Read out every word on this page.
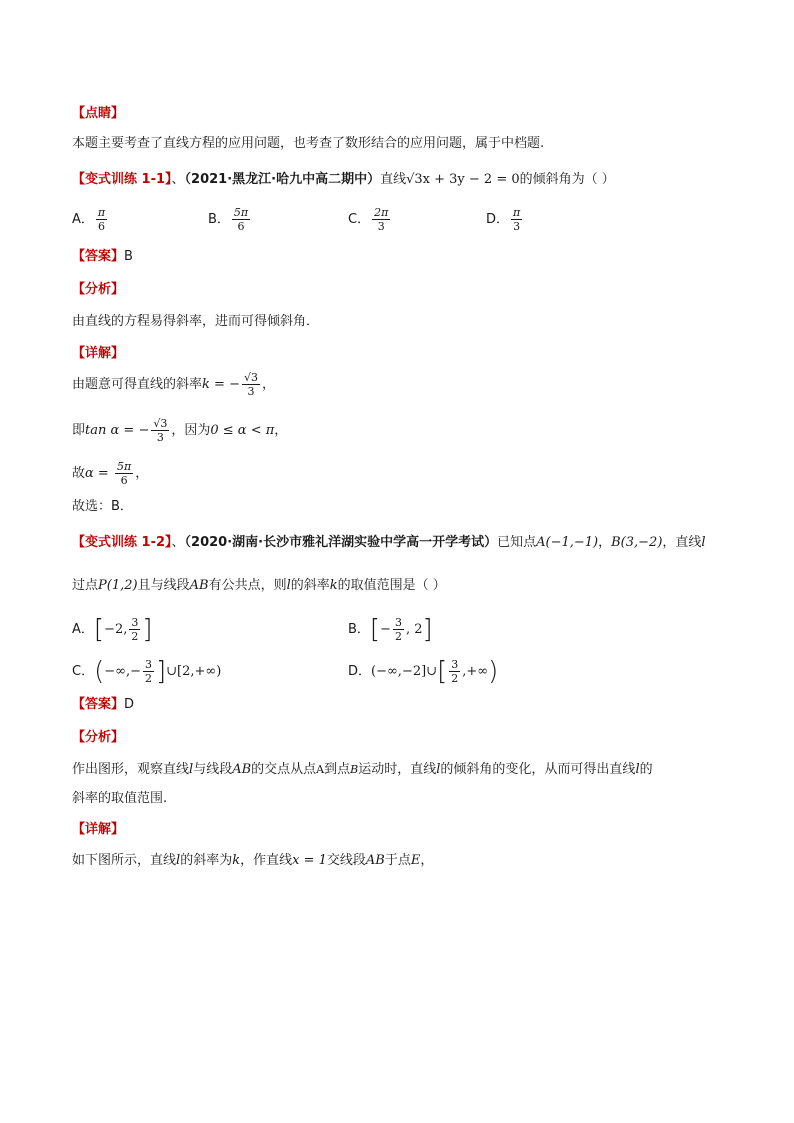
【点睛】
本题主要考查了直线方程的应用问题，也考查了数形结合的应用问题，属于中档题.
【变式训练 1-1】、（2021·黑龙江·哈九中高二期中）直线√3x + 3y − 2 = 0的倾斜角为（ ）
A． $\frac{\pi}{6}$	B． $\frac{5\pi}{6}$	C． $\frac{2\pi}{3}$	D． $\frac{\pi}{3}$
【答案】B
【分析】
由直线的方程易得斜率，进而可得倾斜角．
【详解】
由题意可得直线的斜率k = − $\frac{√3}{3}$ ，
即tan α = − $\frac{√3}{3}$ ，因为0 ≤ α < π，
故$\alpha = \frac{5\pi}{6}$ ，
故选：B．
【变式训练 1-2】、（2020·湖南·长沙市雅礼洋湖实验中学高一开学考试）已知点A(−1,−1)，B(3,−2)，直线l
过点P(1,2)且与线段AB有公共点，则l的斜率k的取值范围是（ ）
A．[−2, $\frac{3}{2}$ ]	B．[− $\frac{3}{2}$ , 2]
C．(−∞,− $\frac{3}{2}$ ]∪[2,+∞)	D．(−∞,−2]∪[ $\frac{3}{2}$ ,+∞)
【答案】D
【分析】
作出图形，观察直线l与线段AB的交点从点A到点B运动时，直线l的倾斜角的变化，从而可得出直线l的
斜率的取值范围.
【详解】
如下图所示，直线l的斜率为k，作直线x = 1交线段AB于点E，
